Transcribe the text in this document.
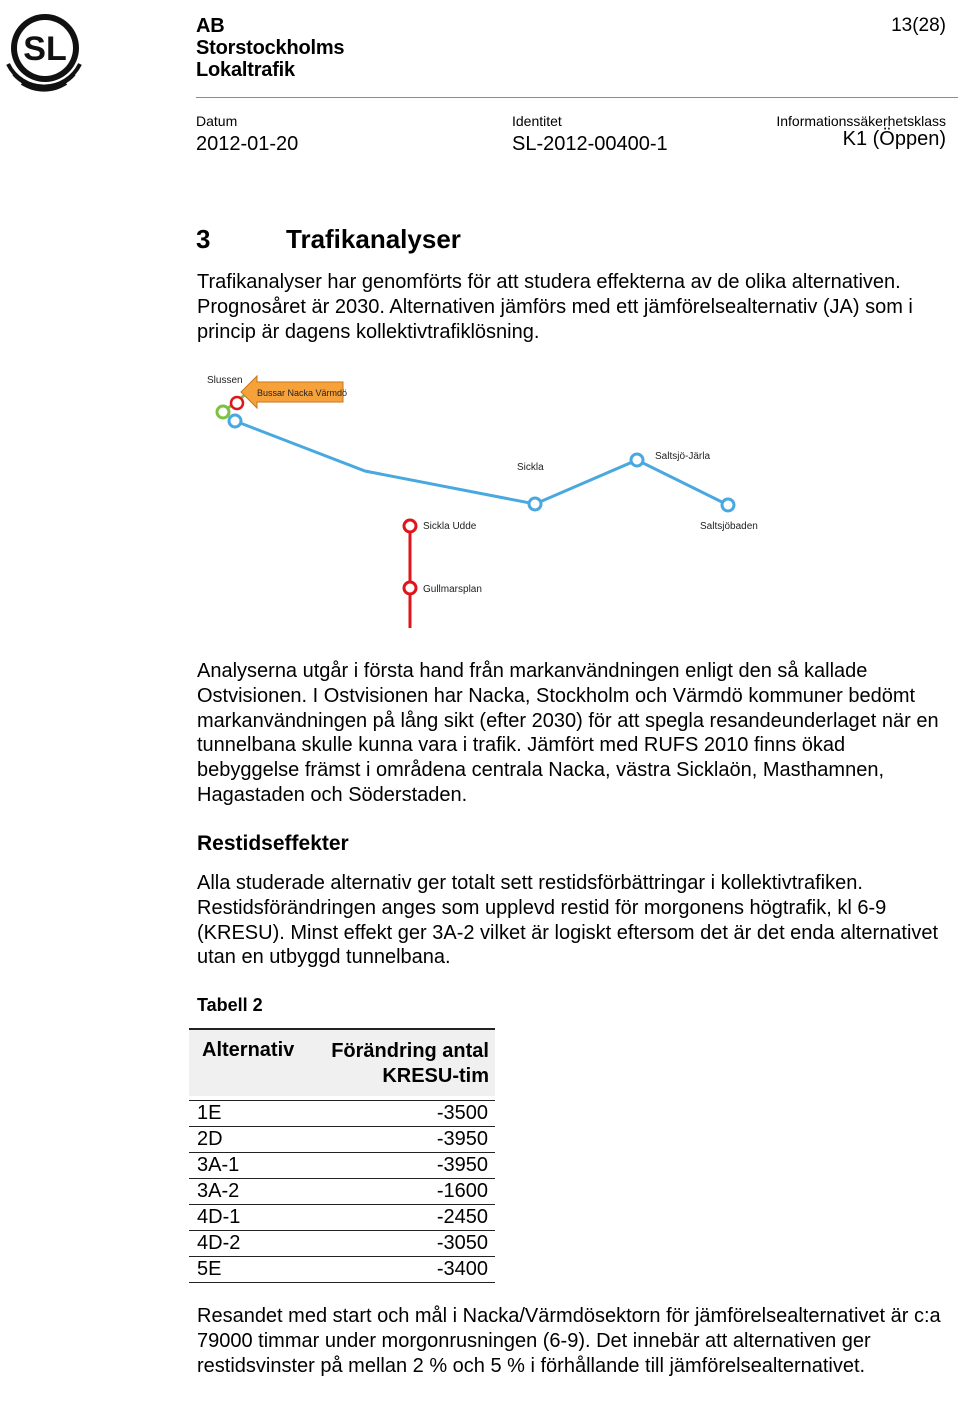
SL
AB
Storstockholms
Lokaltrafik
13(28)
Datum
2012-01-20
Identitet
SL-2012-00400-1
Informationssäkerhetsklass
K1 (Öppen)
3	Trafikanalyser

Trafikanalyser har genomförts för att studera effekterna av de olika alternativen. Prognosåret är 2030. Alternativen jämförs med ett jämförelsealternativ (JA) som i princip är dagens kollektivtrafiklösning.

Slussen
Bussar Nacka Värmdö
Sickla
Saltsjö-Järla
Sickla Udde	Saltsjöbaden
Gullmarsplan

Analyserna utgår i första hand från markanvändningen enligt den så kallade Ostvisionen. I Ostvisionen har Nacka, Stockholm och Värmdö kommuner bedömt markanvändningen på lång sikt (efter 2030) för att spegla resandeunderlaget när en tunnelbana skulle kunna vara i trafik. Jämfört med RUFS 2010 finns ökad bebyggelse främst i områdena centrala Nacka, västra Sicklaön, Masthamnen, Hagastaden och Söderstaden.

Restidseffekter

Alla studerade alternativ ger totalt sett restidsförbättringar i kollektivtrafiken. Restidsförändringen anges som upplevd restid för morgonens högtrafik, kl 6-9 (KRESU). Minst effekt ger 3A-2 vilket är logiskt eftersom det är det enda alternativet utan en utbyggd tunnelbana.

Tabell 2
Alternativ Förändring antal
KRESU-tim
1E	-3500
2D	-3950
3A-1	-3950
3A-2	-1600
4D-1	-2450
4D-2	-3050
5E	-3400

Resandet med start och mål i Nacka/Värmdösektorn för jämförelsealternativet är c:a 79000 timmar under morgonrusningen (6-9). Det innebär att alternativen ger restidsvinster på mellan 2 % och 5 % i förhållande till jämförelsealternativet.
